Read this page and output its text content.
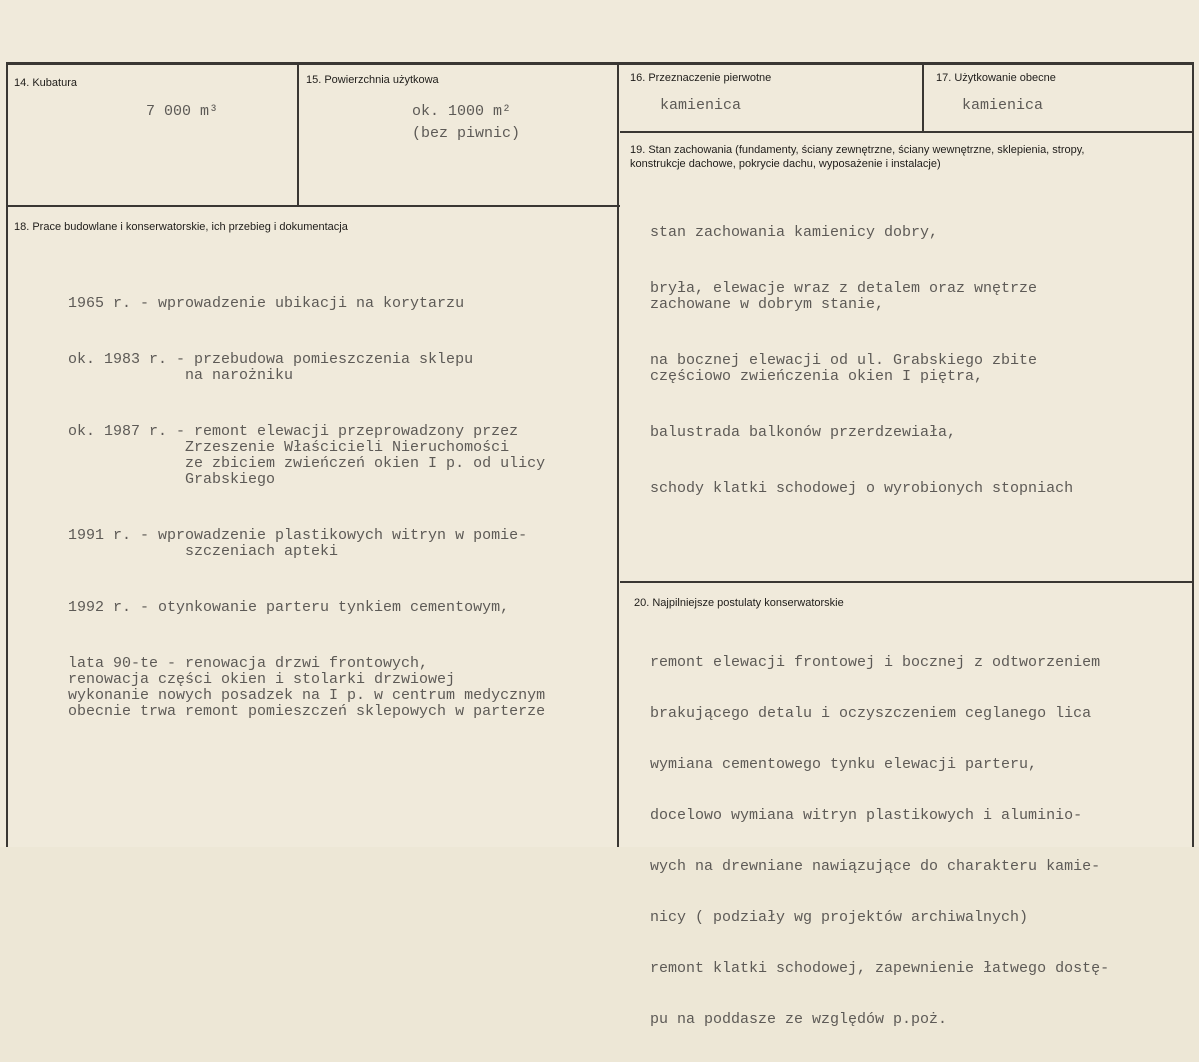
14. Kubatura
7 000 m³
15. Powierzchnia użytkowa
ok. 1000 m²
(bez piwnic)
16. Przeznaczenie pierwotne
kamienica
17. Użytkowanie obecne
kamienica
18. Prace budowlane i konserwatorskie, ich przebieg i dokumentacja

1965 r. - wprowadzenie ubikacji na korytarzu

ok. 1983 r. - przebudowa pomieszczenia sklepu
na narożniku

ok. 1987 r. - remont elewacji przeprowadzony przez
Zrzeszenie Właścicieli Nieruchomości
ze zbiciem zwieńczeń okien I p. od ulicy
Grabskiego

1991 r. - wprowadzenie plastikowych witryn w pomie-
szczeniach apteki

1992 r. - otynkowanie parteru tynkiem cementowym,

lata 90-te - renowacja drzwi frontowych,
renowacja części okien i stolarki drzwiowej
wykonanie nowych posadzek na I p. w centrum medycznym
obecnie trwa remont pomieszczeń sklepowych w parterze

19. Stan zachowania (fundamenty, ściany zewnętrzne, ściany wewnętrzne, sklepienia, stropy, konstrukcje dachowe, pokrycie dachu, wyposażenie i instalacje)

stan zachowania kamienicy dobry,

bryła, elewacje wraz z detalem oraz wnętrze
zachowane w dobrym stanie,

na bocznej elewacji od ul. Grabskiego zbite
częściowo zwieńczenia okien I piętra,

balustrada balkonów przerdzewiała,

schody klatki schodowej o wyrobionych stopniach

20. Najpilniejsze postulaty konserwatorskie

remont elewacji frontowej i bocznej z odtworzeniem

brakującego detalu i oczyszczeniem ceglanego lica

wymiana cementowego tynku elewacji parteru,

docelowo wymiana witryn plastikowych i aluminio-

wych na drewniane nawiązujące do charakteru kamie-

nicy ( podziały wg projektów archiwalnych)

remont klatki schodowej, zapewnienie łatwego dostę-

pu na poddasze ze względów p.poż.
